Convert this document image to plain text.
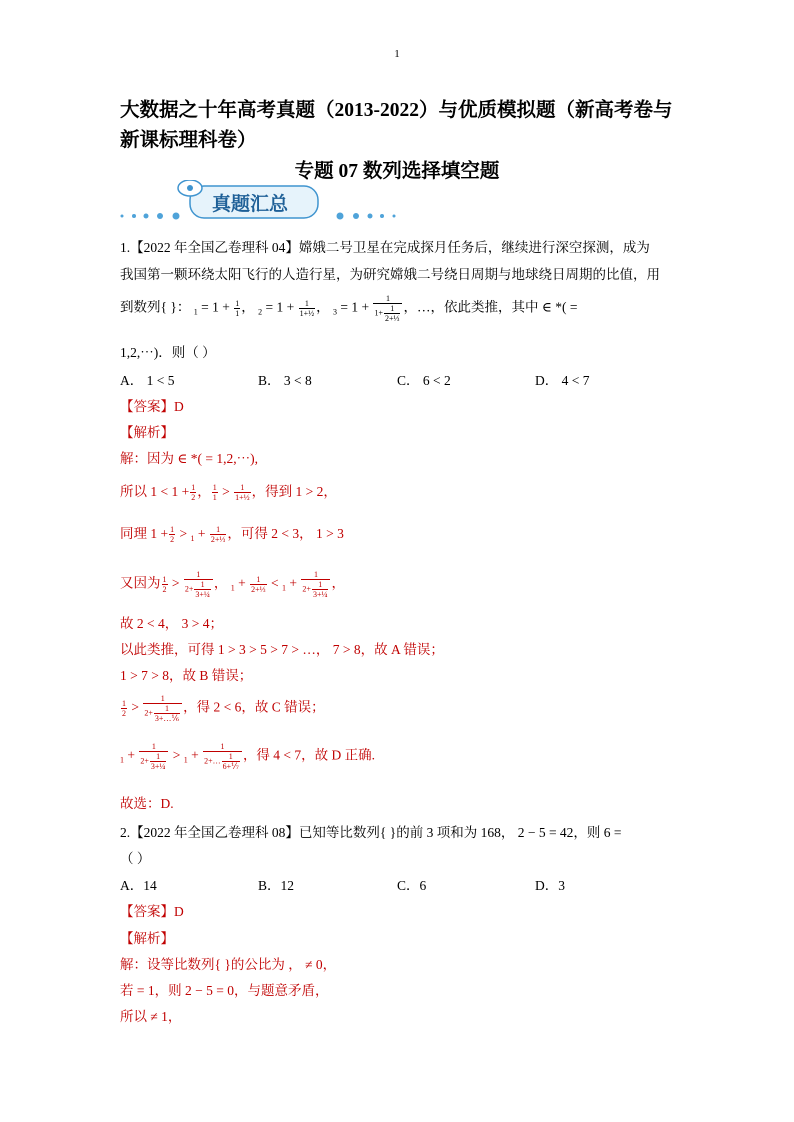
1
大数据之十年高考真题（2013-2022）与优质模拟题（新高考卷与新课标理科卷）
专题 07 数列选择填空题
真题汇总
1.【2022 年全国乙卷理科 04】嫦娥二号卫星在完成探月任务后，继续进行深空探测，成为
我国第一颗环绕太阳飞行的人造行星，为研究嫦娥二号绕日周期与地球绕日周期的比值，用
到数列{ }： $_1 = 1 + \frac{1}{1}$ ， $_2 = 1 + \frac{1}{\text{1+½}}$ ， $_3 = 1 + \frac{1}{1+ \frac{1}{\text{2+⅓}}}$ ，…，依此类推，其中 ∈ *( =
1,2,⋯)．则（ ）
A． 1 < 5	B． 3 < 8	C． 6 < 2	D． 4 < 7
【答案】D
【解析】
解：因为 ∈ *( = 1,2,⋯),
所以 $1 < 1 + \frac{1}{2}$ ， $\frac{1}{1} > \frac{1}{\text{1+½}}$ ，得到 1 > 2，
同理 $1 + \frac{1}{2} > _1 + \frac{1}{\text{2+⅓}}$ ，可得 2 < 3， 1 > 3
又因为 $\frac{1}{2} > \frac{1}{2+ \frac{1}{\text{3+¼}}}$ ， $_1 + \frac{1}{\text{2+⅓}} < _1 + \frac{1}{2+ \frac{1}{\text{3+¼}}}$ ，
故 2 < 4， 3 > 4；
以此类推，可得 1 > 3 > 5 > 7 > …， 7 > 8，故 A 错误；
1 > 7 > 8，故 B 错误；
$\frac{1}{2} > \frac{1}{2+ \frac{1}{\text{3+…⅙}}}$ ，得 2 < 6，故 C 错误；
$_1 + \frac{1}{2+ \frac{1}{\text{3+¼}}} > _1 + \frac{1}{2+\dots \frac{1}{\text{6+⅐}}}$ ，得 4 < 7，故 D 正确.
故选：D.
2.【2022 年全国乙卷理科 08】已知等比数列{ }的前 3 项和为 168， 2 − 5 = 42，则 6 =
（ ）
A．14	B．12	C．6	D．3
【答案】D
【解析】
解：设等比数列{ }的公比为 ， ≠ 0，
若 = 1，则 2 − 5 = 0，与题意矛盾，
所以 ≠ 1，
